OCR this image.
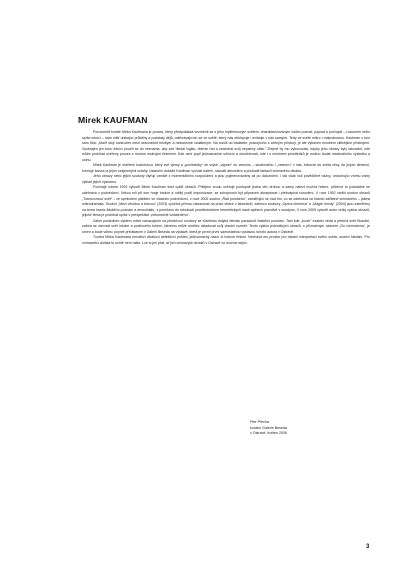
Mirek KAUFMAN

Porozumět tvorbě Mirka Kaufmana je proces, který předpokládá vezměnit se s jeho myšlenkovým světem, charakterizovaným úsilím poznat, popsat a pochopit – rozumem nebo spíše intuicí – nám vnitř unikající průběhy a podstaty dějů, odehrávajících se ve světě, který nás obklopuje i existuje v nás samých. Tedy ve světě mikro i makrokosmu. Kaufman o tom sám říká: „Malíř stojí rozkročen mezi nekonečně blízkým a nekonečně vzdáleným. Na rozdíl od badatele, pracujícího s cíleným přístrojí, je ale vybaven mnohem citlivějším přístrojem. Vyobrajen jen svou intuicí použít se do neznáma, aby zde hledal logiku, vtěrnin řád a zanechal svůj nepatrný otisk.“ Zřejmě by mu vyhovovalo, kdyby jeho obrazy byly laboratoř, kde může probíhat ověřený proces s mnoha možnými řešeními. Kde není popř jednoznačné urličení a ukončenosti, kde i s minimem prostředků je možno dodat maximálního výsledku a účinu.

Mirek Kaufman je malířem kosmickou, který své vjemy a „pocitnečky“ ze svých „výprav“ do vesmíru – skutečného i „vesmíru“ v nás, exkurze do světa věcy, do jiných dimenzí, formuje barvou a jejím vzájemnými vztahy. Ustavení dokáže Kaufman vyvolat naléhí, navodit atmosféru a probudit fantazii vnímavého diváka.

Jeho obrazy nebo jejich soubory čtyřují vzniklé z momentálního rozpoložení a jsou pojmenovávány až po dokončení. I tak však volí povědlířně názvy, umocňující vnímu volný výklad jejich významu.

Počínaje rokem 1992 vytvořil Mirek Kaufman šest cyklů obrazů. Přitéjem zrodu ověřuje postupně jedna věc druhou a samy nalézt možná řešení, přičemž to podstatné se odehrává v podvědomí. Vekou roli při tom hraje intuice a určitý podíl improvizace, se schopností být připraven akceptovat i překvapivá rozuzlení. V roce 1992 vznikl soubor obrazů „Transvomocí svět“ – ve symbolem pábilení ve vlastním podvědomí, v roce 2002 soubor „Řád porušeno“, zaměřující se nad tím, co se odehrává za hranicí zdiiletné vnímaného – jakési mikrodramata. Soubor „Mezi věcidou a barvou“ (2003) využívá přímou návaznost na práci vědce v laboratoři, zatímco soubory „Opera chemica“ a „Magie hmoty“ (2004) jsou zaměřeny na tema hranic lidského poznání a emocinální, s pomíkem do minulosti prostředníctvím hermetických nauk spésích pravdivě v soudyno, V roce 2005 vytvořil autor velký cyklus obrazů, jejichž téma je probíhat spíše v perspektivě „nekonečně vzdáleného“.

Zatím posledním cyklem volně navazujícím na předchozí soubory se Kaufman dotýká tématu paradoxů lidského poznání. Tam kde „končí“ exaktní věda a přebírá svět filosofie, zabírá se otevírat svět intuice a pocitového tušení, kterému může umělec vkladovat svůj vlastní rozměr. Tento cyklus jednotlivých obrazů, s příznačným názvem „Do nezmámna“, je určen a bude vůbec poprvé představen v Galerii Beseda na výstavě, která je prvnií první samostatnou výstavou tohoto autora v Ostravě.

Tvorba Mirka Kaufmana nenabízí divákovi definitivní pohled, jednoznačný názor či hotové řešení. Nechává mu prostor pro vlastní interpretaci svého světa, osobní hledání. Pro vnímavého diváka to určitě není málo. Lze si jen přát, ať jich vnímavých diváků v Ostravě co možná nejvíc.

Petr Přecha
kurátor Galerie Beseda
v Ostravě, květen 2006
3
